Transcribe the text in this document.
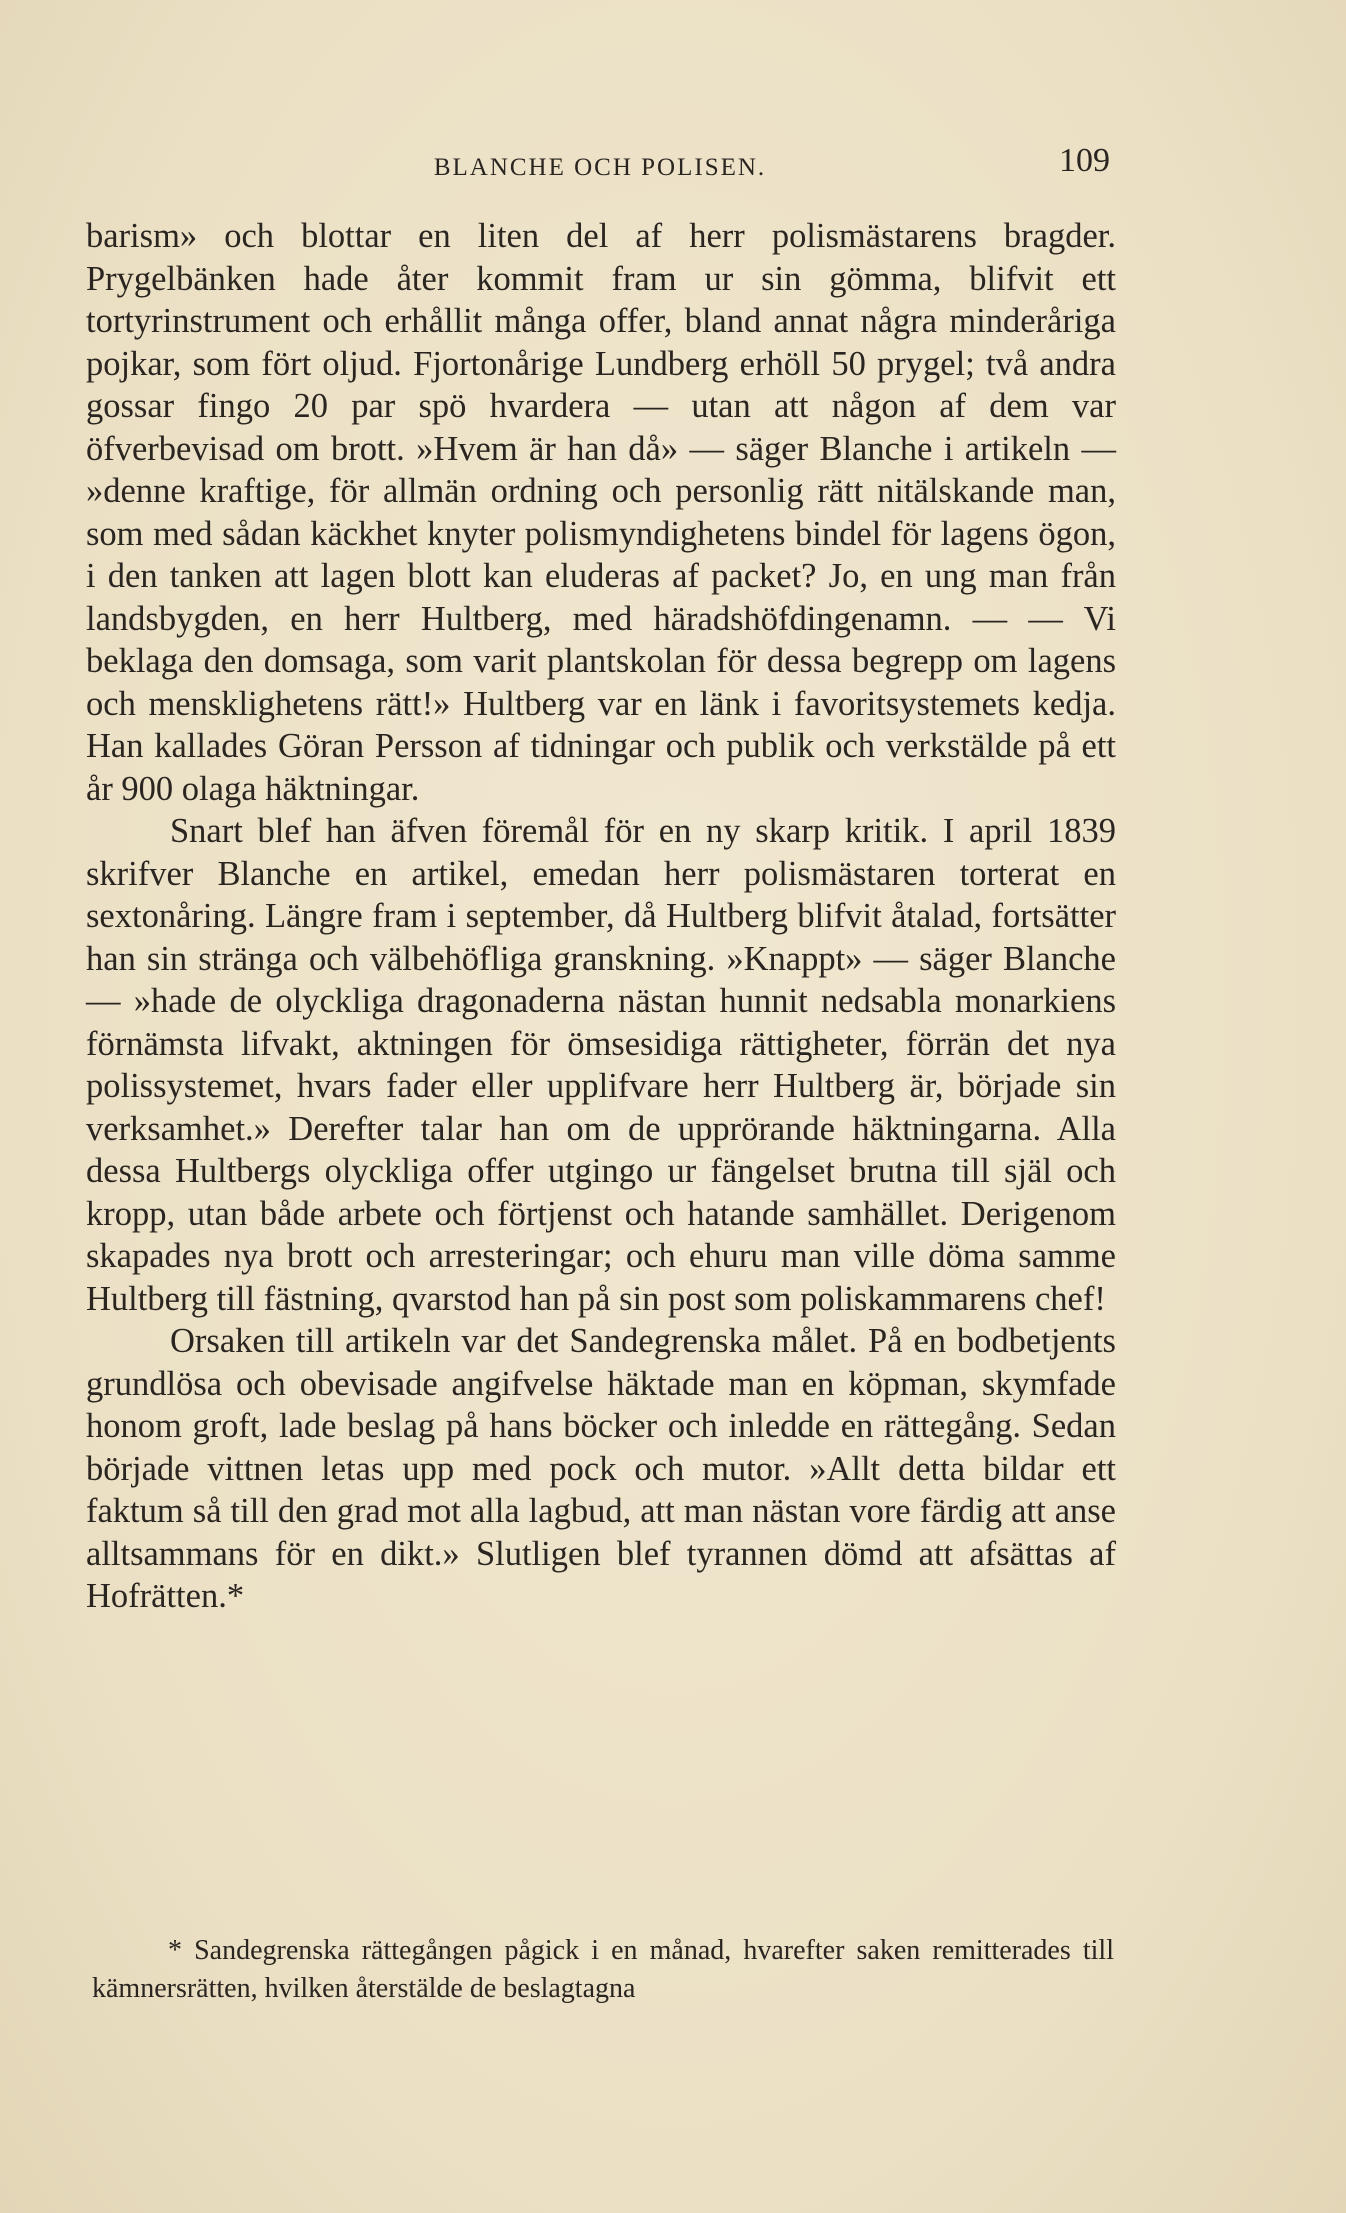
BLANCHE OCH POLISEN.	109

barism» och blottar en liten del af herr polismästarens bragder. Prygelbänken hade åter kommit fram ur sin gömma, blifvit ett tortyrinstrument och erhållit många offer, bland annat några minderåriga pojkar, som fört oljud. Fjortonårige Lundberg erhöll 50 prygel; två andra gossar fingo 20 par spö hvardera — utan att någon af dem var öfverbevisad om brott. »Hvem är han då» — säger Blanche i artikeln — »denne kraftige, för allmän ordning och personlig rätt nitälskande man, som med sådan käckhet knyter polismyndighetens bindel för lagens ögon, i den tanken att lagen blott kan eluderas af packet? Jo, en ung man från landsbygden, en herr Hultberg, med häradshöfdingenamn. — — Vi beklaga den domsaga, som varit plantskolan för dessa begrepp om lagens och mensklighetens rätt!» Hultberg var en länk i favoritsystemets kedja. Han kallades Göran Persson af tidningar och publik och verkstälde på ett år 900 olaga häktningar.

Snart blef han äfven föremål för en ny skarp kritik. I april 1839 skrifver Blanche en artikel, emedan herr polismästaren torterat en sextonåring. Längre fram i september, då Hultberg blifvit åtalad, fortsätter han sin stränga och välbehöfliga granskning. »Knappt» — säger Blanche — »hade de olyckliga dragonaderna nästan hunnit nedsabla monarkiens förnämsta lifvakt, aktningen för ömsesidiga rättigheter, förrän det nya polissystemet, hvars fader eller upplifvare herr Hultberg är, började sin verksamhet.» Derefter talar han om de upprörande häktningarna. Alla dessa Hultbergs olyckliga offer utgingo ur fängelset brutna till själ och kropp, utan både arbete och förtjenst och hatande samhället. Derigenom skapades nya brott och arresteringar; och ehuru man ville döma samme Hultberg till fästning, qvarstod han på sin post som poliskammarens chef!

Orsaken till artikeln var det Sandegrenska målet. På en bodbetjents grundlösa och obevisade angifvelse häktade man en köpman, skymfade honom groft, lade beslag på hans böcker och inledde en rättegång. Sedan började vittnen letas upp med pock och mutor. »Allt detta bildar ett faktum så till den grad mot alla lagbud, att man nästan vore färdig att anse alltsammans för en dikt.» Slutligen blef tyrannen dömd att afsättas af Hofrätten.*

* Sandegrenska rättegången pågick i en månad, hvarefter saken remitterades till kämnersrätten, hvilken återstälde de beslagtagna
